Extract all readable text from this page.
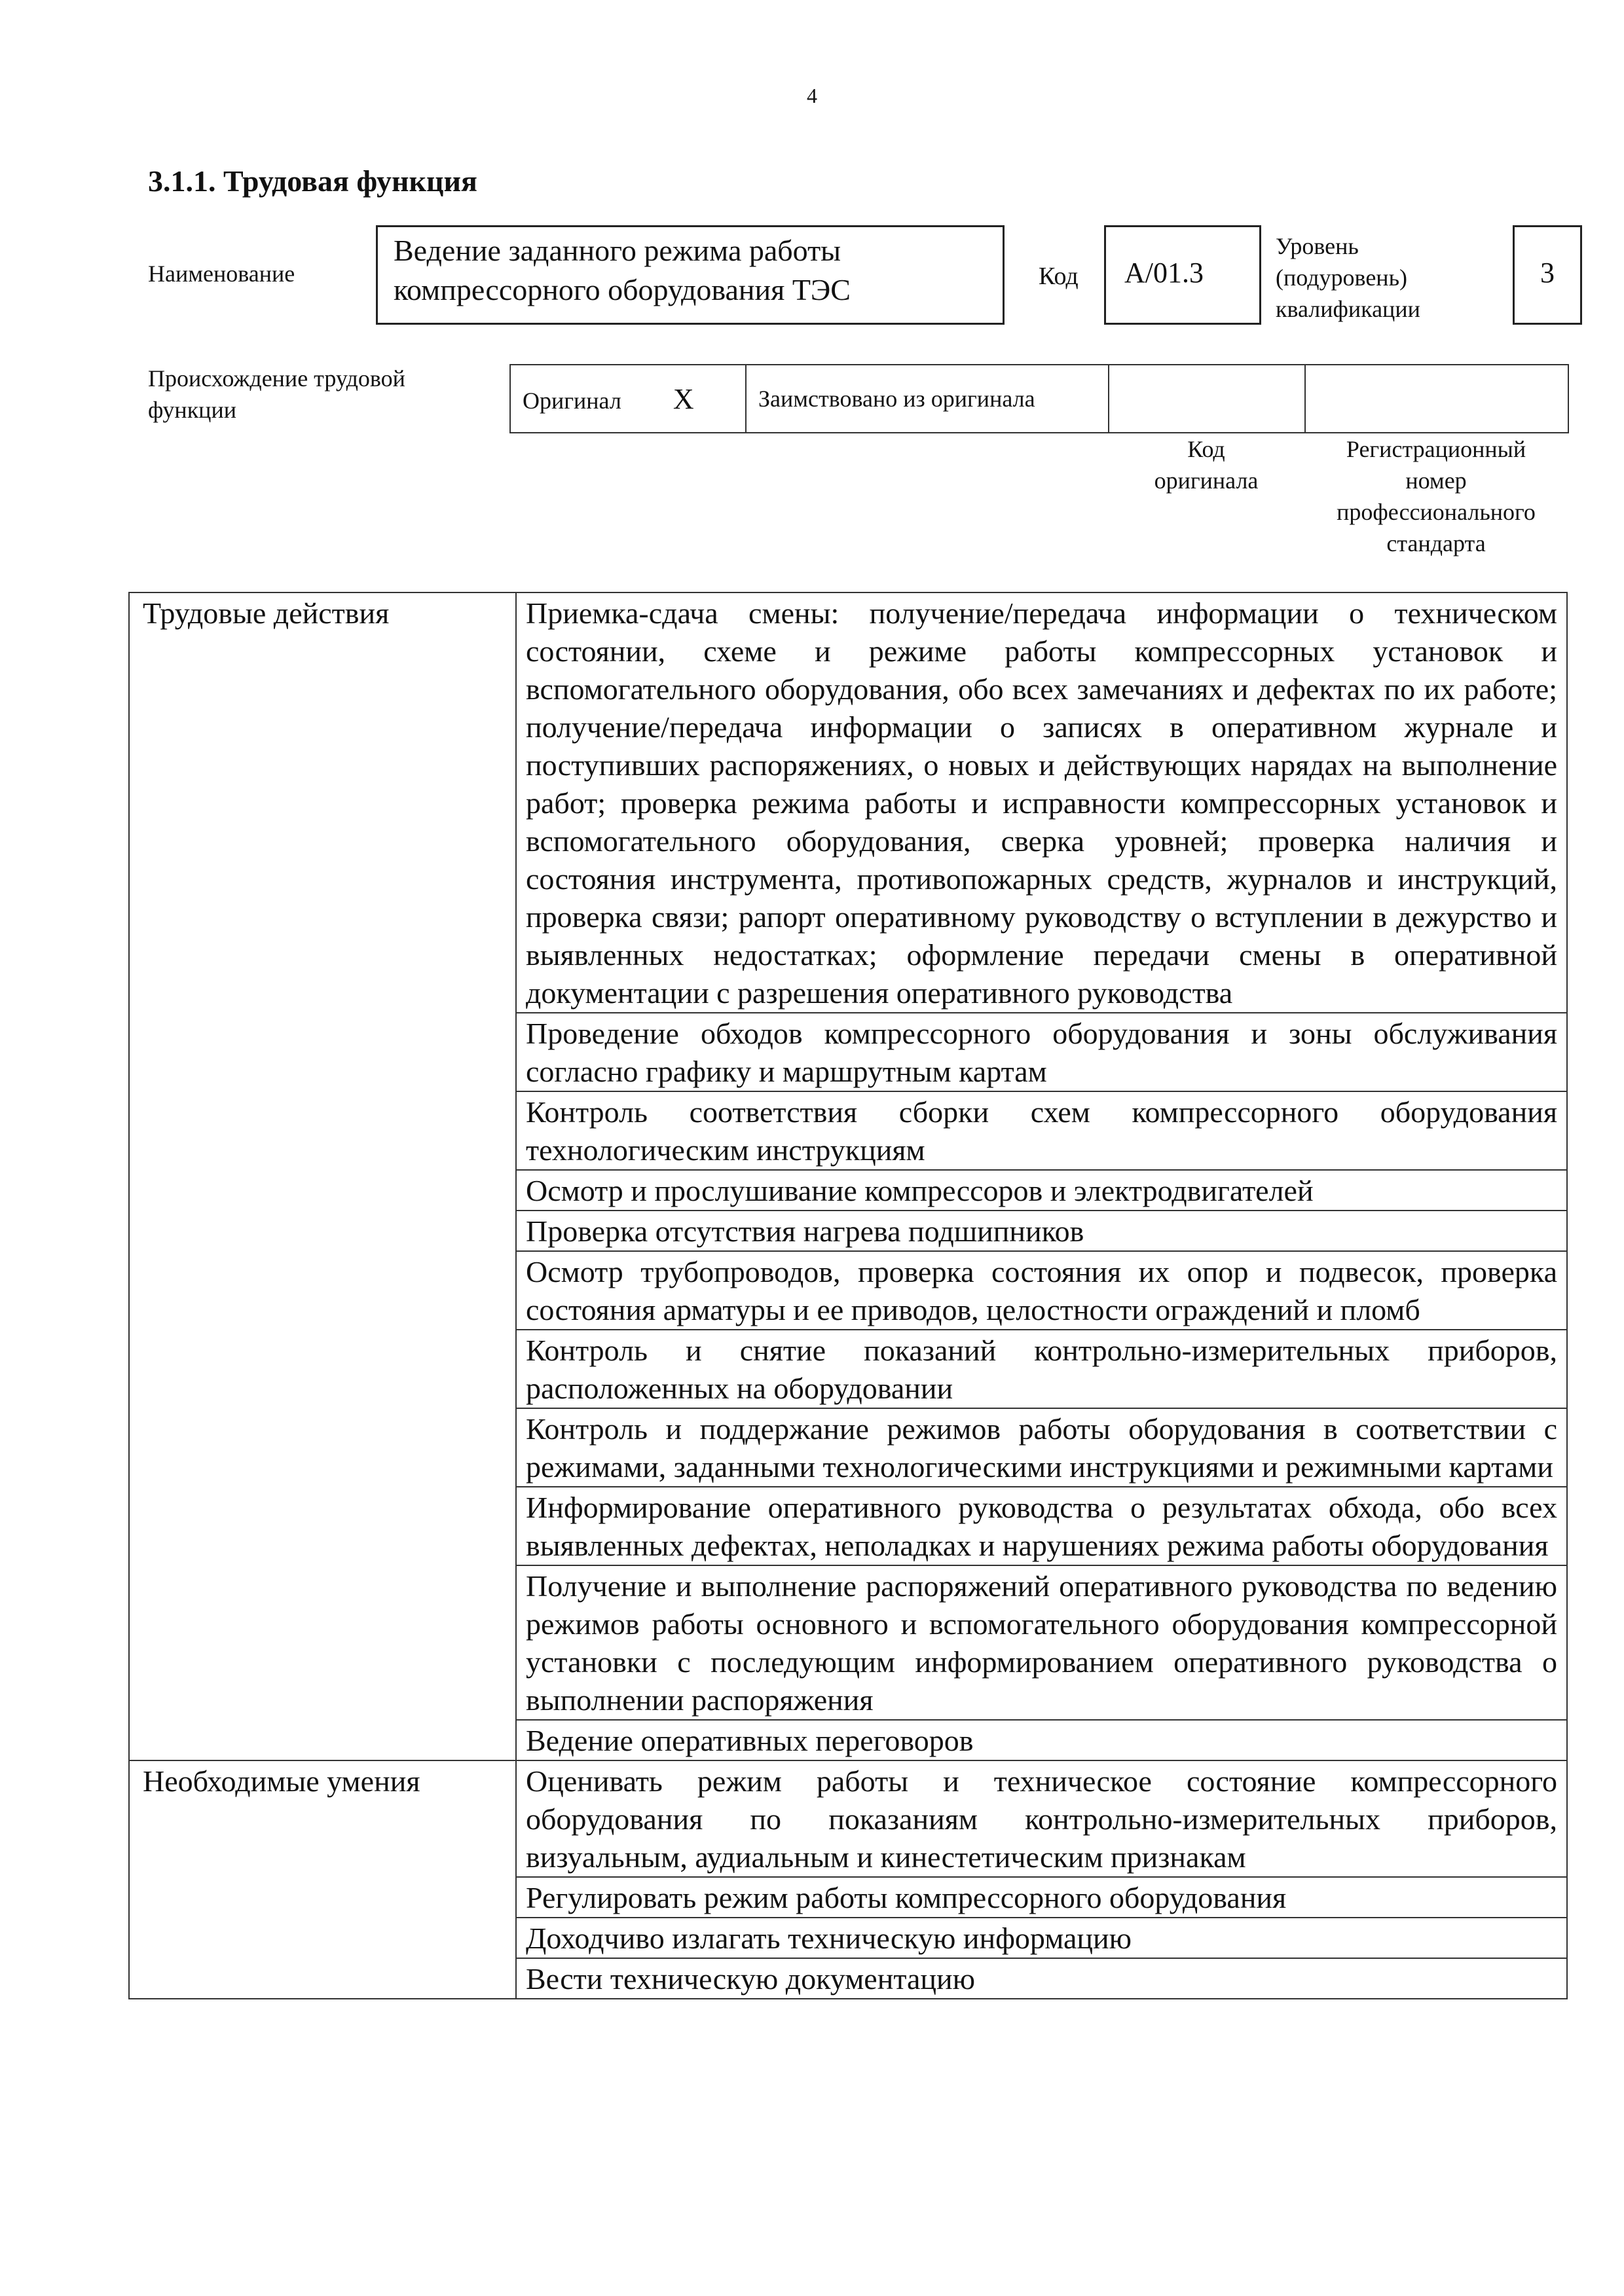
4
3.1.1. Трудовая функция
Наименование
Ведение заданного режима работы компрессорного оборудования ТЭС	Код	А/01.3
Уровень
(подуровень)
квалификации
3
Происхождение трудовой функции	Оригинал X	Заимствовано из оригинала		
Код
оригинала
Регистрационный
номер
профессионального
стандарта
Трудовые действия	Приемка-сдача смены: получение/передача информации о техническом состоянии, схеме и режиме работы компрессорных установок и вспомогательного оборудования, обо всех замечаниях и дефектах по их работе; получение/передача информации о записях в оперативном журнале и поступивших распоряжениях, о новых и действующих нарядах на выполнение работ; проверка режима работы и исправности компрессорных установок и вспомогательного оборудования, сверка уровней; проверка наличия и состояния инструмента, противопожарных средств, журналов и инструкций, проверка связи; рапорт оперативному руководству о вступлении в дежурство и выявленных недостатках; оформление передачи смены в оперативной документации с разрешения оперативного руководства
	Проведение обходов компрессорного оборудования и зоны обслуживания согласно графику и маршрутным картам
	Контроль соответствия сборки схем компрессорного оборудования технологическим инструкциям
	Осмотр и прослушивание компрессоров и электродвигателей
	Проверка отсутствия нагрева подшипников
	Осмотр трубопроводов, проверка состояния их опор и подвесок, проверка состояния арматуры и ее приводов, целостности ограждений и пломб
	Контроль и снятие показаний контрольно-измерительных приборов, расположенных на оборудовании
	Контроль и поддержание режимов работы оборудования в соответствии с режимами, заданными технологическими инструкциями и режимными картами
	Информирование оперативного руководства о результатах обхода, обо всех выявленных дефектах, неполадках и нарушениях режима работы оборудования
	Получение и выполнение распоряжений оперативного руководства по ведению режимов работы основного и вспомогательного оборудования компрессорной установки с последующим информированием оперативного руководства о выполнении распоряжения
	Ведение оперативных переговоров
Необходимые умения	Оценивать режим работы и техническое состояние компрессорного оборудования по показаниям контрольно-измерительных приборов, визуальным, аудиальным и кинестетическим признакам
	Регулировать режим работы компрессорного оборудования
	Доходчиво излагать техническую информацию
	Вести техническую документацию
